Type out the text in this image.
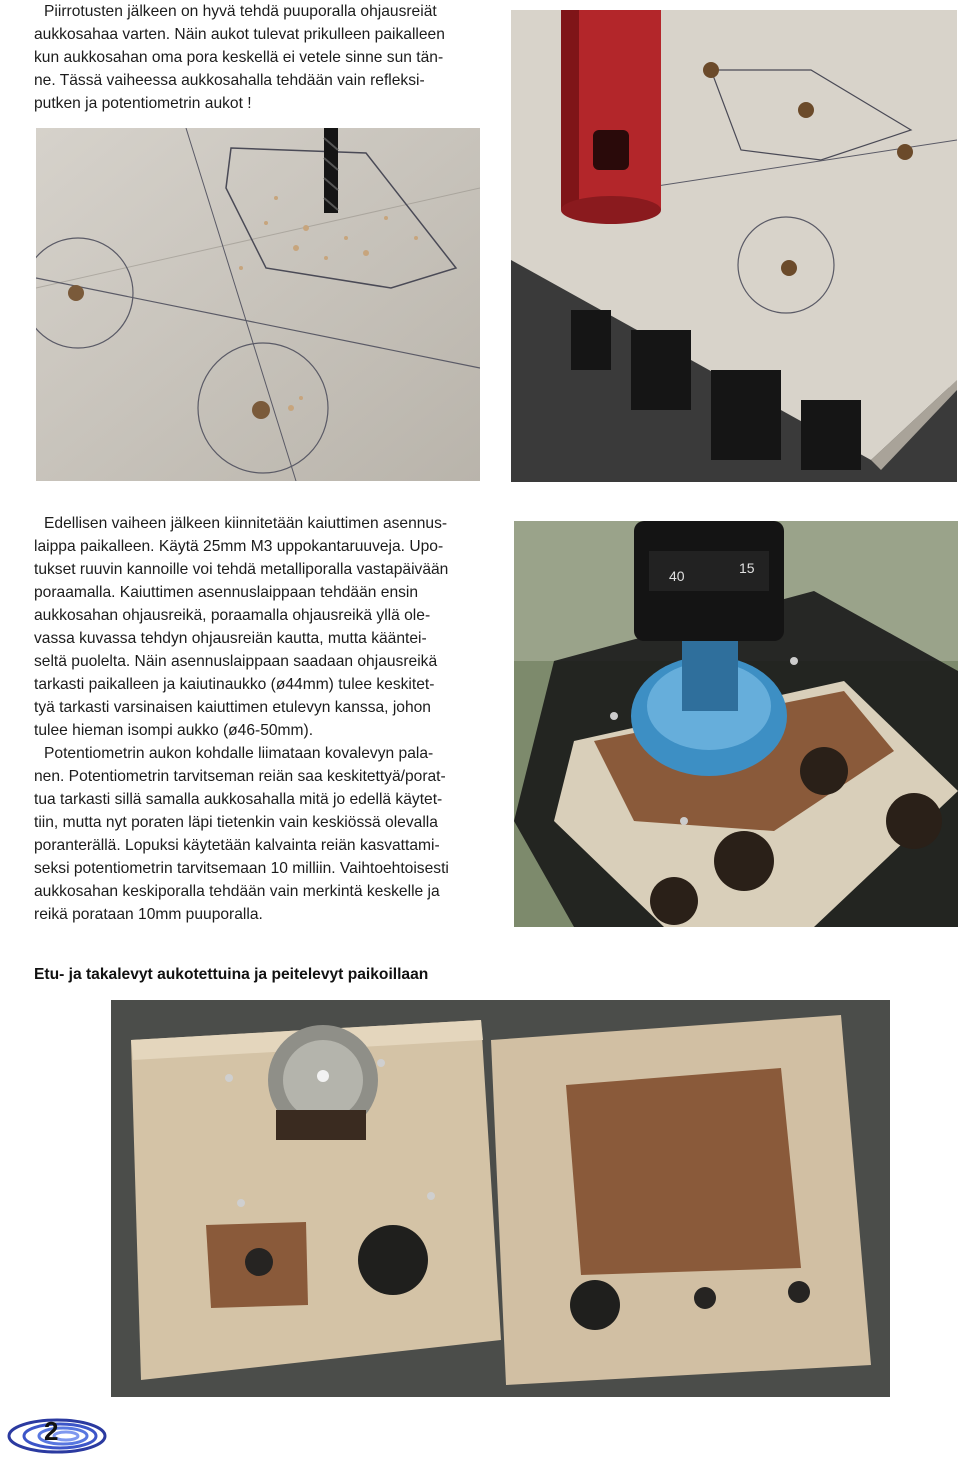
Piirrotusten jälkeen on hyvä tehdä puuporalla ohjausreiät

aukkosahaa varten. Näin aukot tulevat prikulleen paikalleen

kun aukkosahan oma pora keskellä ei vetele sinne sun tän-

ne. Tässä vaiheessa aukkosahalla tehdään vain refleksi-

putken ja potentiometrin aukot !

Edellisen vaiheen jälkeen kiinnitetään kaiuttimen asennus-

laippa paikalleen. Käytä 25mm M3 uppokantaruuveja. Upo-

tukset ruuvin kannoille voi tehdä metalliporalla vastapäivään

poraamalla. Kaiuttimen asennuslaippaan tehdään ensin

aukkosahan ohjausreikä, poraamalla ohjausreikä yllä ole-

vassa kuvassa tehdyn ohjausreiän kautta, mutta kääntei-

seltä puolelta. Näin asennuslaippaan saadaan ohjausreikä

tarkasti paikalleen ja kaiutinaukko (ø44mm) tulee keskitet-

tyä tarkasti varsinaisen kaiuttimen etulevyn kanssa, johon

tulee hieman isompi aukko (ø46-50mm).

Potentiometrin aukon kohdalle liimataan kovalevyn pala-

nen. Potentiometrin tarvitseman reiän saa keskitettyä/porat-

tua tarkasti sillä samalla aukkosahalla mitä jo edellä käytet-

tiin, mutta nyt poraten läpi tietenkin vain keskiössä olevalla

poranterällä. Lopuksi käytetään kalvainta reiän kasvattami-

seksi potentiometrin tarvitsemaan 10 milliin. Vaihtoehtoisesti

aukkosahan keskiporalla tehdään vain merkintä keskelle ja

reikä porataan 10mm puuporalla.

40	15

Etu- ja takalevyt aukotettuina ja peitelevyt paikoillaan

2
